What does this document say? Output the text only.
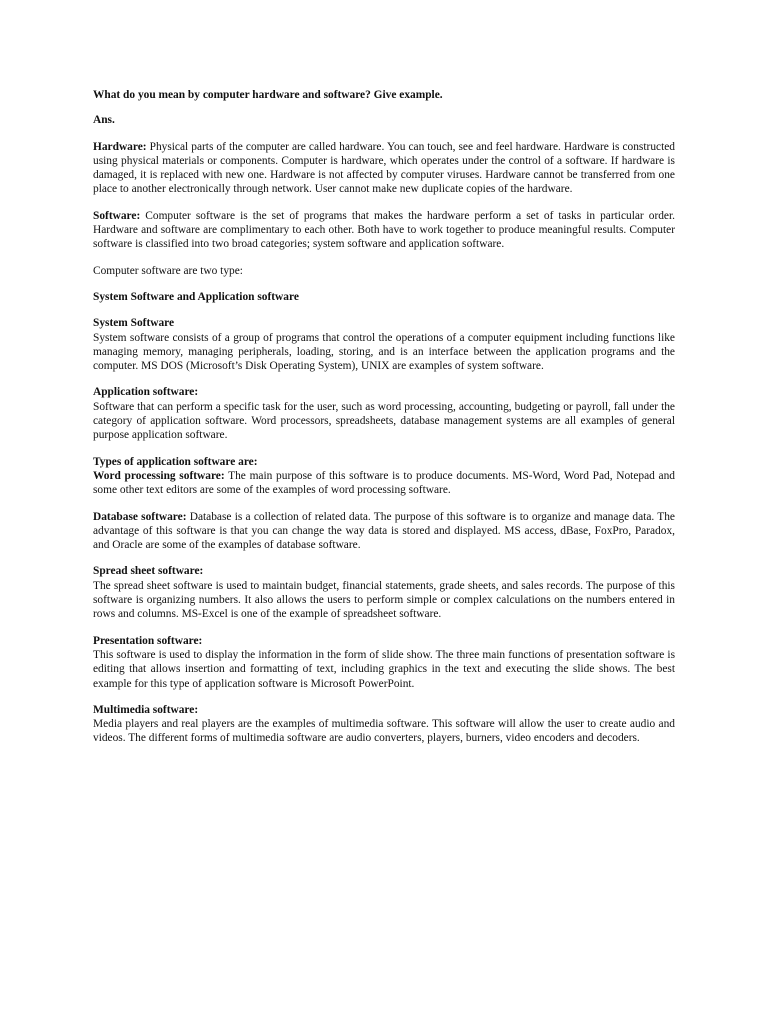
What do you mean by computer hardware and software? Give example.

Ans.

Hardware: Physical parts of the computer are called hardware. You can touch, see and feel hardware. Hardware is constructed using physical materials or components. Computer is hardware, which operates under the control of a software. If hardware is damaged, it is replaced with new one. Hardware is not affected by computer viruses. Hardware cannot be transferred from one place to another electronically through network. User cannot make new duplicate copies of the hardware.

Software: Computer software is the set of programs that makes the hardware perform a set of tasks in particular order. Hardware and software are complimentary to each other. Both have to work together to produce meaningful results. Computer software is classified into two broad categories; system software and application software.

Computer software are two type:

System Software and Application software

System Software
System software consists of a group of programs that control the operations of a computer equipment including functions like managing memory, managing peripherals, loading, storing, and is an interface between the application programs and the computer. MS DOS (Microsoft’s Disk Operating System), UNIX are examples of system software.

Application software:
Software that can perform a specific task for the user, such as word processing, accounting, budgeting or payroll, fall under the category of application software. Word processors, spreadsheets, database management systems are all examples of general purpose application software.

Types of application software are:
Word processing software: The main purpose of this software is to produce documents. MS-Word, Word Pad, Notepad and some other text editors are some of the examples of word processing software.

Database software: Database is a collection of related data. The purpose of this software is to organize and manage data. The advantage of this software is that you can change the way data is stored and displayed. MS access, dBase, FoxPro, Paradox, and Oracle are some of the examples of database software.

Spread sheet software:
The spread sheet software is used to maintain budget, financial statements, grade sheets, and sales records. The purpose of this software is organizing numbers. It also allows the users to perform simple or complex calculations on the numbers entered in rows and columns. MS-Excel is one of the example of spreadsheet software.

Presentation software:
This software is used to display the information in the form of slide show. The three main functions of presentation software is editing that allows insertion and formatting of text, including graphics in the text and executing the slide shows. The best example for this type of application software is Microsoft PowerPoint.

Multimedia software:
Media players and real players are the examples of multimedia software. This software will allow the user to create audio and videos. The different forms of multimedia software are audio converters, players, burners, video encoders and decoders.
